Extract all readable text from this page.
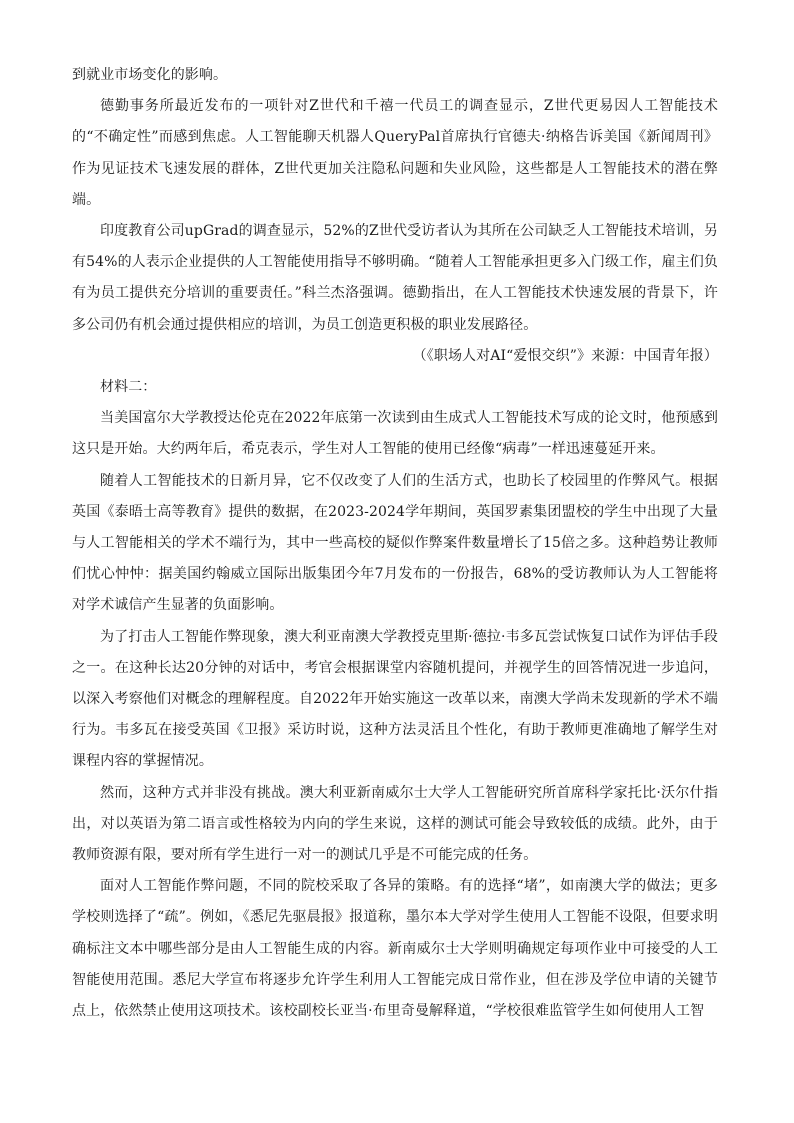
到就业市场变化的影响。

德勤事务所最近发布的一项针对Z世代和千禧一代员工的调查显示，Z世代更易因人工智能技术的“不确定性”而感到焦虑。人工智能聊天机器人QueryPal首席执行官德夫·纳格告诉美国《新闻周刊》作为见证技术飞速发展的群体，Z世代更加关注隐私问题和失业风险，这些都是人工智能技术的潜在弊端。

印度教育公司upGrad的调查显示，52%的Z世代受访者认为其所在公司缺乏人工智能技术培训，另有54%的人表示企业提供的人工智能使用指导不够明确。“随着人工智能承担更多入门级工作，雇主们负有为员工提供充分培训的重要责任。”科兰杰洛强调。德勤指出，在人工智能技术快速发展的背景下，许多公司仍有机会通过提供相应的培训，为员工创造更积极的职业发展路径。

（《职场人对AI“爱恨交织”》来源：中国青年报）

材料二：

当美国富尔大学教授达伦克在2022年底第一次读到由生成式人工智能技术写成的论文时，他预感到这只是开始。大约两年后，希克表示，学生对人工智能的使用已经像“病毒”一样迅速蔓延开来。

随着人工智能技术的日新月异，它不仅改变了人们的生活方式，也助长了校园里的作弊风气。根据英国《泰晤士高等教育》提供的数据，在2023-2024学年期间，英国罗素集团盟校的学生中出现了大量与人工智能相关的学术不端行为，其中一些高校的疑似作弊案件数量增长了15倍之多。这种趋势让教师们忧心忡忡：据美国约翰威立国际出版集团今年7月发布的一份报告，68%的受访教师认为人工智能将对学术诚信产生显著的负面影响。

为了打击人工智能作弊现象，澳大利亚南澳大学教授克里斯·德拉·韦多瓦尝试恢复口试作为评估手段之一。在这种长达20分钟的对话中，考官会根据课堂内容随机提问，并视学生的回答情况进一步追问，以深入考察他们对概念的理解程度。自2022年开始实施这一改革以来，南澳大学尚未发现新的学术不端行为。韦多瓦在接受英国《卫报》采访时说，这种方法灵活且个性化，有助于教师更准确地了解学生对课程内容的掌握情况。

然而，这种方式并非没有挑战。澳大利亚新南威尔士大学人工智能研究所首席科学家托比·沃尔什指出，对以英语为第二语言或性格较为内向的学生来说，这样的测试可能会导致较低的成绩。此外，由于教师资源有限，要对所有学生进行一对一的测试几乎是不可能完成的任务。

面对人工智能作弊问题，不同的院校采取了各异的策略。有的选择“堵”，如南澳大学的做法；更多学校则选择了“疏”。例如，《悉尼先驱晨报》报道称，墨尔本大学对学生使用人工智能不设限，但要求明确标注文本中哪些部分是由人工智能生成的内容。新南威尔士大学则明确规定每项作业中可接受的人工智能使用范围。悉尼大学宣布将逐步允许学生利用人工智能完成日常作业，但在涉及学位申请的关键节点上，依然禁止使用这项技术。该校副校长亚当·布里奇曼解释道，“学校很难监管学生如何使用人工智
